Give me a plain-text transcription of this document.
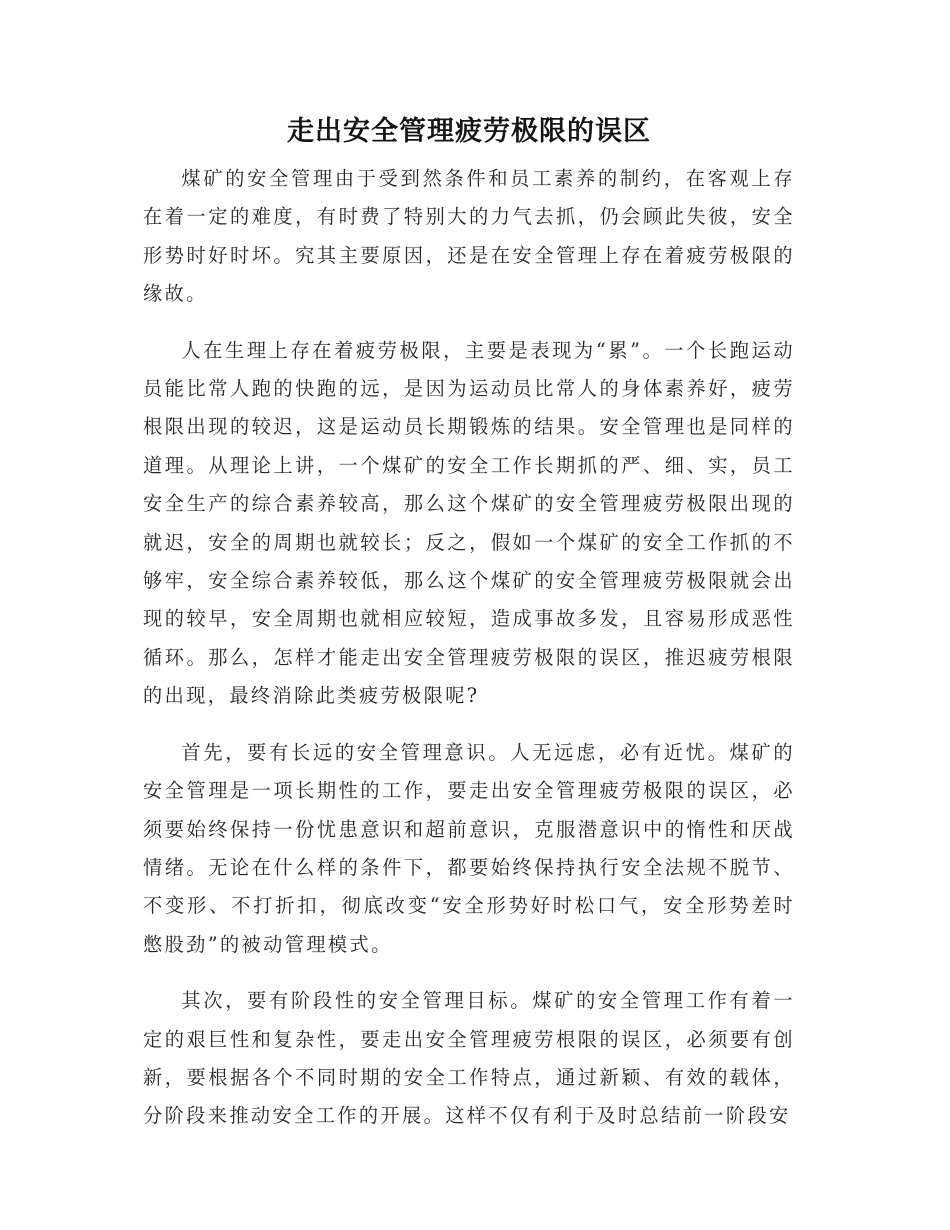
走出安全管理疲劳极限的误区

煤矿的安全管理由于受到然条件和员工素养的制约，在客观上存在着一定的难度，有时费了特别大的力气去抓，仍会顾此失彼，安全形势时好时坏。究其主要原因，还是在安全管理上存在着疲劳极限的缘故。

人在生理上存在着疲劳极限，主要是表现为“累”。一个长跑运动员能比常人跑的快跑的远，是因为运动员比常人的身体素养好，疲劳根限出现的较迟，这是运动员长期锻炼的结果。安全管理也是同样的道理。从理论上讲，一个煤矿的安全工作长期抓的严、细、实，员工安全生产的综合素养较高，那么这个煤矿的安全管理疲劳极限出现的就迟，安全的周期也就较长；反之，假如一个煤矿的安全工作抓的不够牢，安全综合素养较低，那么这个煤矿的安全管理疲劳极限就会出现的较早，安全周期也就相应较短，造成事故多发，且容易形成恶性循环。那么，怎样才能走出安全管理疲劳极限的误区，推迟疲劳根限的出现，最终消除此类疲劳极限呢?

首先，要有长远的安全管理意识。人无远虑，必有近忧。煤矿的安全管理是一项长期性的工作，要走出安全管理疲劳极限的误区，必须要始终保持一份忧患意识和超前意识，克服潜意识中的惰性和厌战情绪。无论在什么样的条件下，都要始终保持执行安全法规不脱节、不变形、不打折扣，彻底改变“安全形势好时松口气，安全形势差时憋股劲”的被动管理模式。

其次，要有阶段性的安全管理目标。煤矿的安全管理工作有着一定的艰巨性和复杂性，要走出安全管理疲劳根限的误区，必须要有创新，要根据各个不同时期的安全工作特点，通过新颖、有效的载体，分阶段来推动安全工作的开展。这样不仅有利于及时总结前一阶段安
